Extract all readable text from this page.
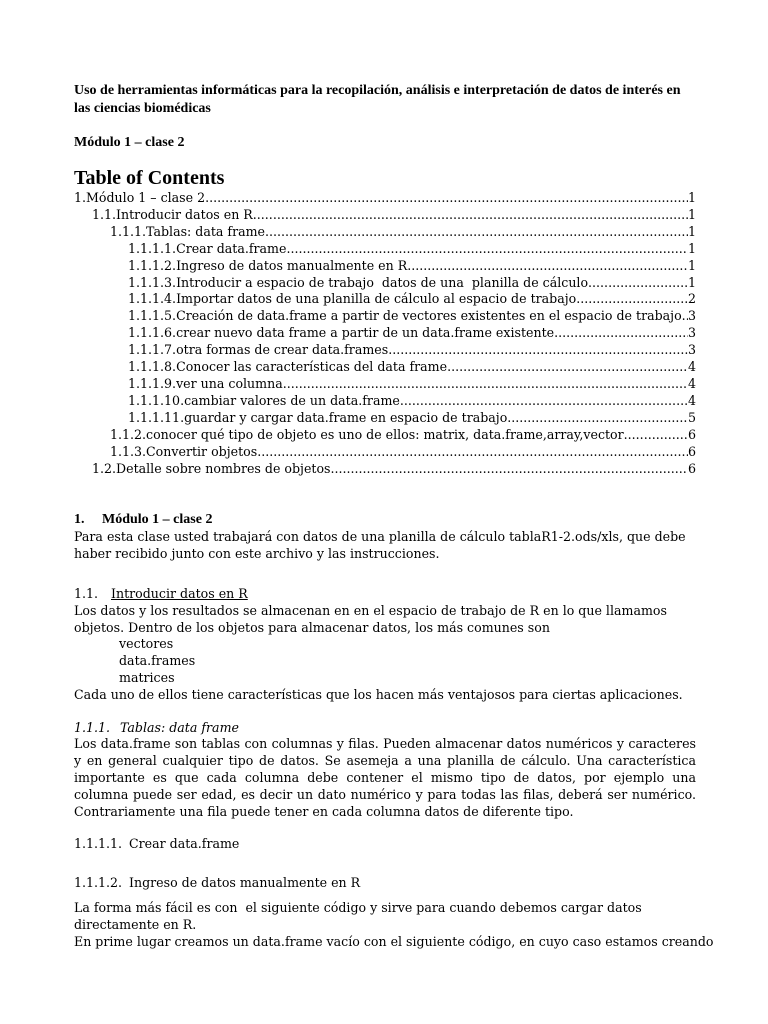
Uso de herramientas informáticas para la recopilación, análisis e interpretación de datos de interés en las ciencias biomédicas

Módulo 1 – clase 2

Table of Contents
1.Módulo 1 – clase 2 .....	1
1.1.Introducir datos en R .....	1
1.1.1.Tablas: data frame .....	1
1.1.1.1.Crear data.frame .....	1
1.1.1.2.Ingreso de datos manualmente en R .....	1
1.1.1.3.Introducir a espacio de trabajo  datos de una  planilla de cálculo .....	1
1.1.1.4.Importar datos de una planilla de cálculo al espacio de trabajo .....	2
1.1.1.5.Creación de data.frame a partir de vectores existentes en el espacio de trabajo ..... 3
1.1.1.6.crear nuevo data frame a partir de un data.frame existente .....	3
1.1.1.7.otra formas de crear data.frames .....	3
1.1.1.8.Conocer las características del data frame .....	4
1.1.1.9.ver una columna .....	4
1.1.1.10.cambiar valores de un data.frame .....	4
1.1.1.11.guardar y cargar data.frame en espacio de trabajo .....	5
1.1.2.conocer qué tipo de objeto es uno de ellos: matrix, data.frame,array,vector .....	6
1.1.3.Convertir objetos .....	6
1.2.Detalle sobre nombres de objetos .....	6
1. Módulo 1 – clase 2

Para esta clase usted trabajará con datos de una planilla de cálculo tablaR1-2.ods/xls, que debe haber recibido junto con este archivo y las instrucciones.

1.1. Introducir datos en R
Los datos y los resultados se almacenan en en el espacio de trabajo de R en lo que llamamos
objetos. Dentro de los objetos para almacenar datos, los más comunes son
vectores
data.frames
matrices
Cada uno de ellos tiene características que los hacen más ventajosos para ciertas aplicaciones.
1.1.1. Tablas: data frame

Los data.frame son tablas con columnas y filas. Pueden almacenar datos numéricos y caracteres y en general cualquier tipo de datos. Se asemeja a una planilla de cálculo. Una característica importante es que cada columna debe contener el mismo tipo de datos, por ejemplo una columna puede ser edad, es decir un dato numérico y para todas las filas, deberá ser numérico. Contrariamente una fila puede tener en cada columna datos de diferente tipo.

1.1.1.1. Crear data.frame
1.1.1.2. Ingreso de datos manualmente en R
La forma más fácil es con  el siguiente código y sirve para cuando debemos cargar datos
directamente en R.
En prime lugar creamos un data.frame vacío con el siguiente código, en cuyo caso estamos creando
